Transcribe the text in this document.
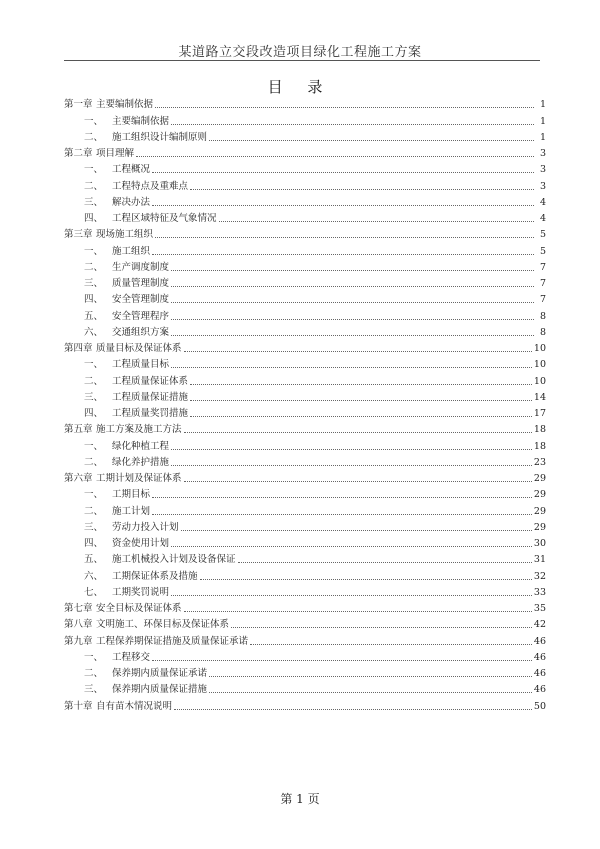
某道路立交段改造项目绿化工程施工方案
目 录
第一章 主要编制依据	1
一、 主要编制依据	1
二、 施工组织设计编制原则	1
第二章 项目理解	3
一、 工程概况	3
二、 工程特点及重难点	3
三、 解决办法	4
四、 工程区域特征及气象情况	4
第三章 现场施工组织	5
一、 施工组织	5
二、 生产调度制度	7
三、 质量管理制度	7
四、 安全管理制度	7
五、 安全管理程序	8
六、 交通组织方案	8
第四章 质量目标及保证体系	10
一、 工程质量目标	10
二、 工程质量保证体系	10
三、 工程质量保证措施	14
四、 工程质量奖罚措施	17
第五章 施工方案及施工方法	18
一、 绿化种植工程	18
二、 绿化养护措施	23
第六章 工期计划及保证体系	29
一、 工期目标	29
二、 施工计划	29
三、 劳动力投入计划	29
四、 资金使用计划	30
五、 施工机械投入计划及设备保证	31
六、 工期保证体系及措施	32
七、 工期奖罚说明	33
第七章 安全目标及保证体系	35
第八章 文明施工、环保目标及保证体系	42
第九章 工程保养期保证措施及质量保证承诺	46
一、 工程移交	46
二、 保养期内质量保证承诺	46
三、 保养期内质量保证措施	46
第十章 自有苗木情况说明	50
第 1 页
